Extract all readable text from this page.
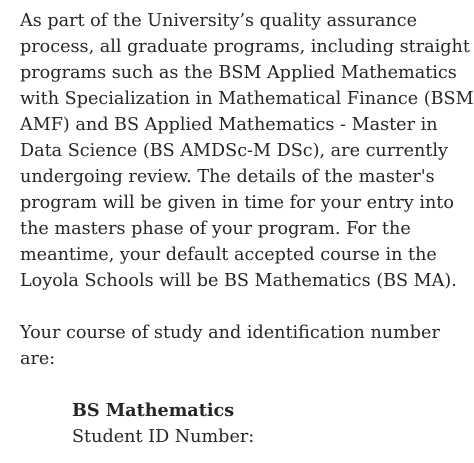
As part of the University’s quality assurance
process, all graduate programs, including straight
programs such as the BSM Applied Mathematics
with Specialization in Mathematical Finance (BSM
AMF) and BS Applied Mathematics - Master in
Data Science (BS AMDSc-M DSc), are currently
undergoing review. The details of the master's
program will be given in time for your entry into
the masters phase of your program. For the
meantime, your default accepted course in the
Loyola Schools will be BS Mathematics (BS MA).
Your course of study and identification number
are:
BS Mathematics
Student ID Number:
